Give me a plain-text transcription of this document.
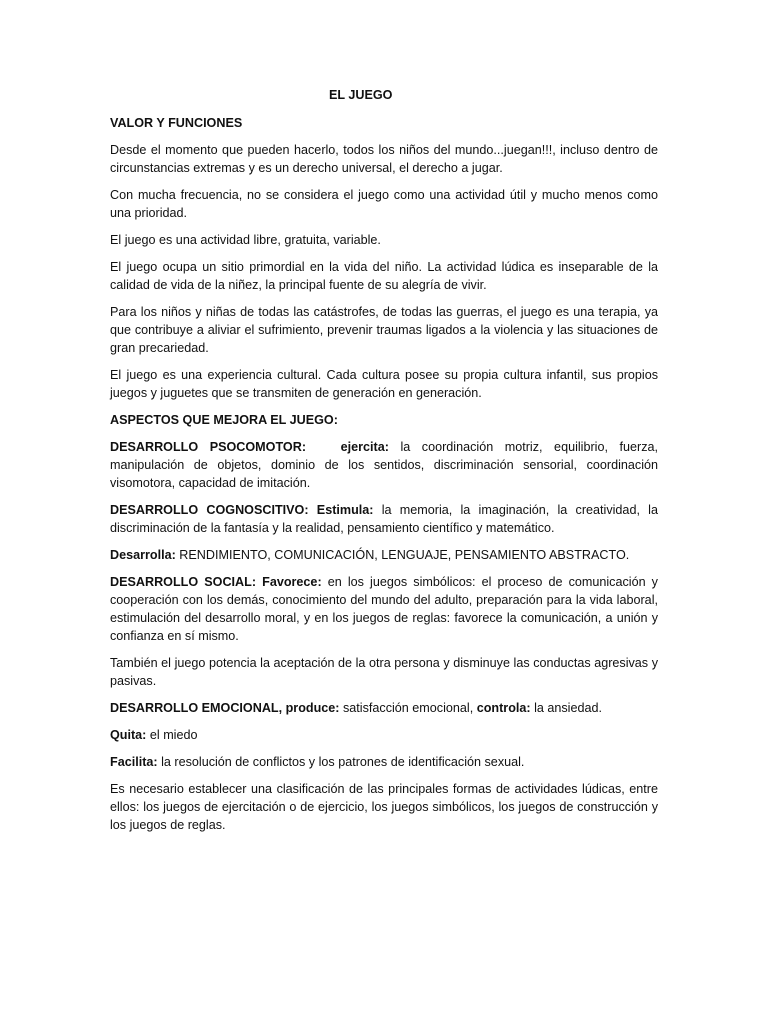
EL JUEGO
VALOR Y FUNCIONES

Desde el momento que pueden hacerlo, todos los niños del mundo...juegan!!!, incluso dentro de circunstancias extremas y es un derecho universal, el derecho a jugar.

Con mucha frecuencia, no se considera el juego como una actividad útil y mucho menos como una prioridad.

El juego es una actividad libre, gratuita, variable.

El juego ocupa un sitio primordial en la vida del niño. La actividad lúdica es inseparable de la calidad de vida de la niñez, la principal fuente de su alegría de vivir.

Para los niños y niñas de todas las catástrofes, de todas las guerras, el juego es una terapia, ya que contribuye a aliviar el sufrimiento, prevenir traumas ligados a la violencia y las situaciones de gran precariedad.

El juego es una experiencia cultural. Cada cultura posee su propia cultura infantil, sus propios juegos y juguetes que se transmiten de generación en generación.

ASPECTOS QUE MEJORA EL JUEGO:

DESARROLLO PSOCOMOTOR:	ejercita: la coordinación motriz, equilibrio, fuerza, manipulación de objetos, dominio de los sentidos, discriminación sensorial, coordinación visomotora, capacidad de imitación.

DESARROLLO COGNOSCITIVO: Estimula: la memoria, la imaginación, la creatividad, la discriminación de la fantasía y la realidad, pensamiento científico y matemático.

Desarrolla: RENDIMIENTO, COMUNICACIÓN, LENGUAJE, PENSAMIENTO ABSTRACTO.

DESARROLLO SOCIAL: Favorece: en los juegos simbólicos: el proceso de comunicación y cooperación con los demás, conocimiento del mundo del adulto, preparación para la vida laboral, estimulación del desarrollo moral, y en los juegos de reglas: favorece la comunicación, a unión y confianza en sí mismo.

También el juego potencia la aceptación de la otra persona y disminuye las conductas agresivas y pasivas.

DESARROLLO EMOCIONAL, produce: satisfacción emocional, controla: la ansiedad.

Quita: el miedo

Facilita: la resolución de conflictos y los patrones de identificación sexual.

Es necesario establecer una clasificación de las principales formas de actividades lúdicas, entre ellos: los juegos de ejercitación o de ejercicio, los juegos simbólicos, los juegos de construcción y los juegos de reglas.
